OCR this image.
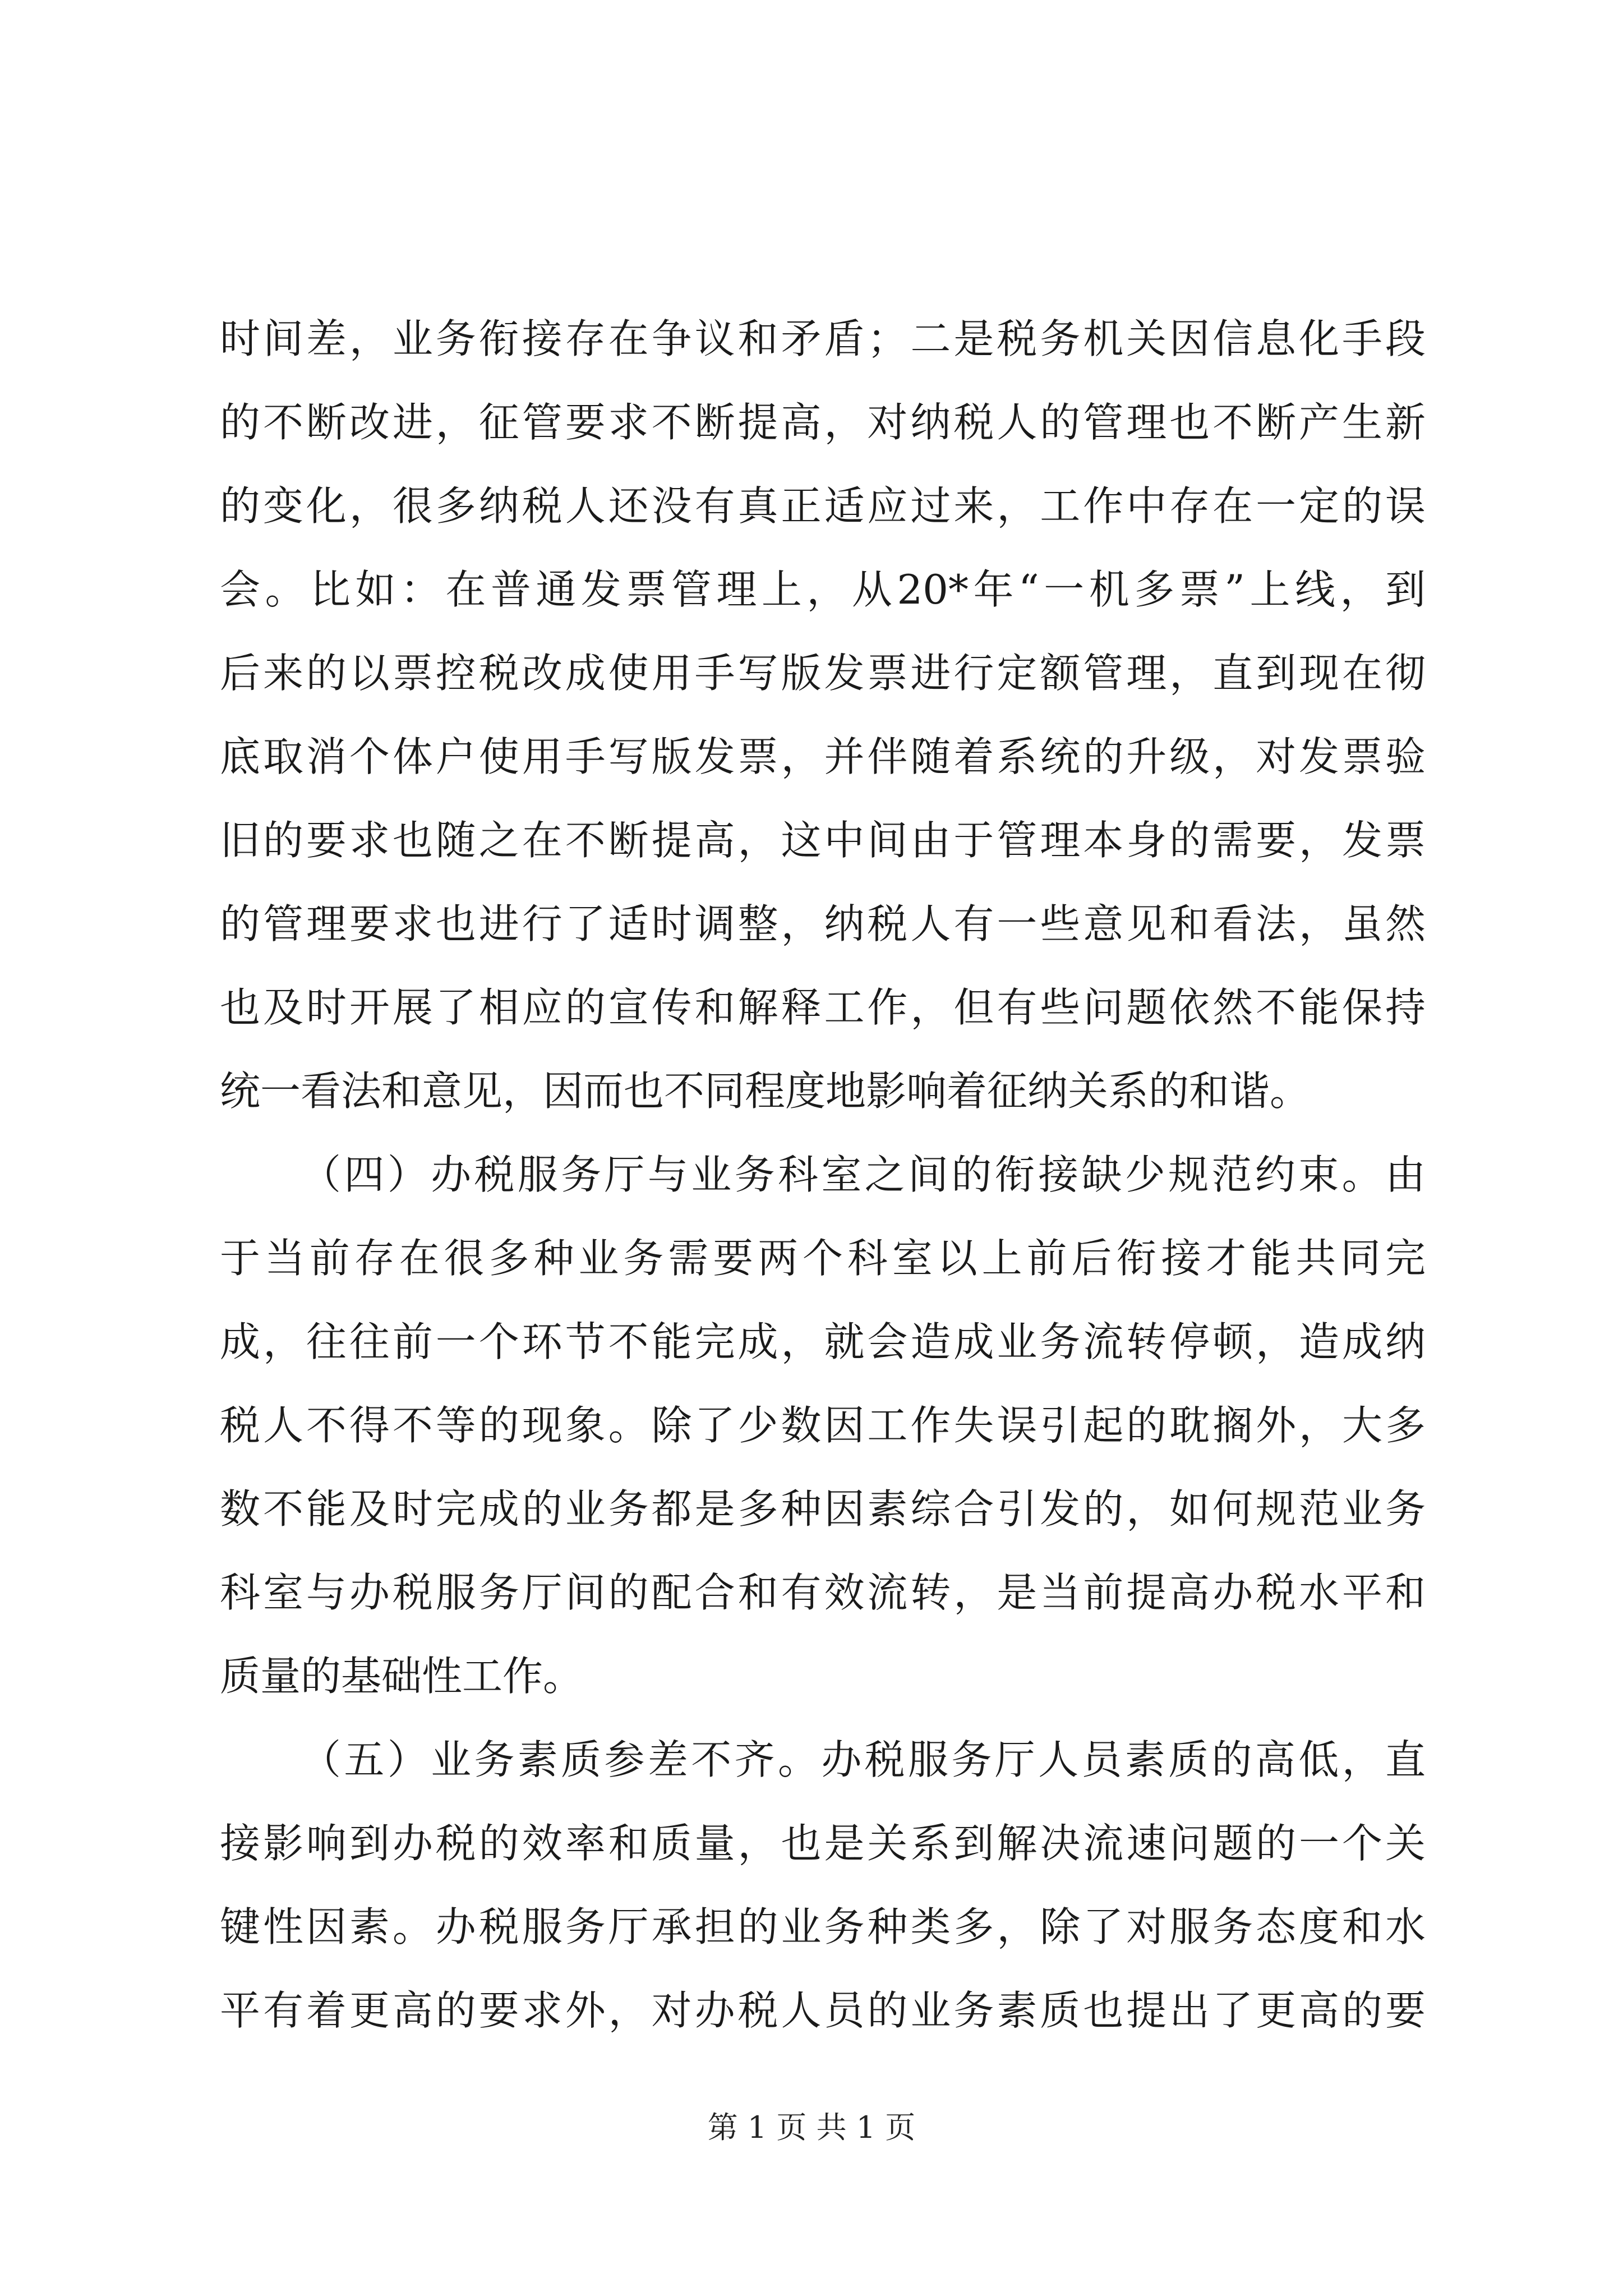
时间差，业务衔接存在争议和矛盾；二是税务机关因信息化手段
的不断改进，征管要求不断提高，对纳税人的管理也不断产生新
的变化，很多纳税人还没有真正适应过来，工作中存在一定的误
会。比如：在普通发票管理上，从20*年“一机多票”上线，到
后来的以票控税改成使用手写版发票进行定额管理，直到现在彻
底取消个体户使用手写版发票，并伴随着系统的升级，对发票验
旧的要求也随之在不断提高，这中间由于管理本身的需要，发票
的管理要求也进行了适时调整，纳税人有一些意见和看法，虽然
也及时开展了相应的宣传和解释工作，但有些问题依然不能保持
统一看法和意见，因而也不同程度地影响着征纳关系的和谐。
（四）办税服务厅与业务科室之间的衔接缺少规范约束。由
于当前存在很多种业务需要两个科室以上前后衔接才能共同完
成，往往前一个环节不能完成，就会造成业务流转停顿，造成纳
税人不得不等的现象。除了少数因工作失误引起的耽搁外，大多
数不能及时完成的业务都是多种因素综合引发的，如何规范业务
科室与办税服务厅间的配合和有效流转，是当前提高办税水平和
质量的基础性工作。
（五）业务素质参差不齐。办税服务厅人员素质的高低，直
接影响到办税的效率和质量，也是关系到解决流速问题的一个关
键性因素。办税服务厅承担的业务种类多，除了对服务态度和水
平有着更高的要求外，对办税人员的业务素质也提出了更高的要
第 1 页 共 1 页
